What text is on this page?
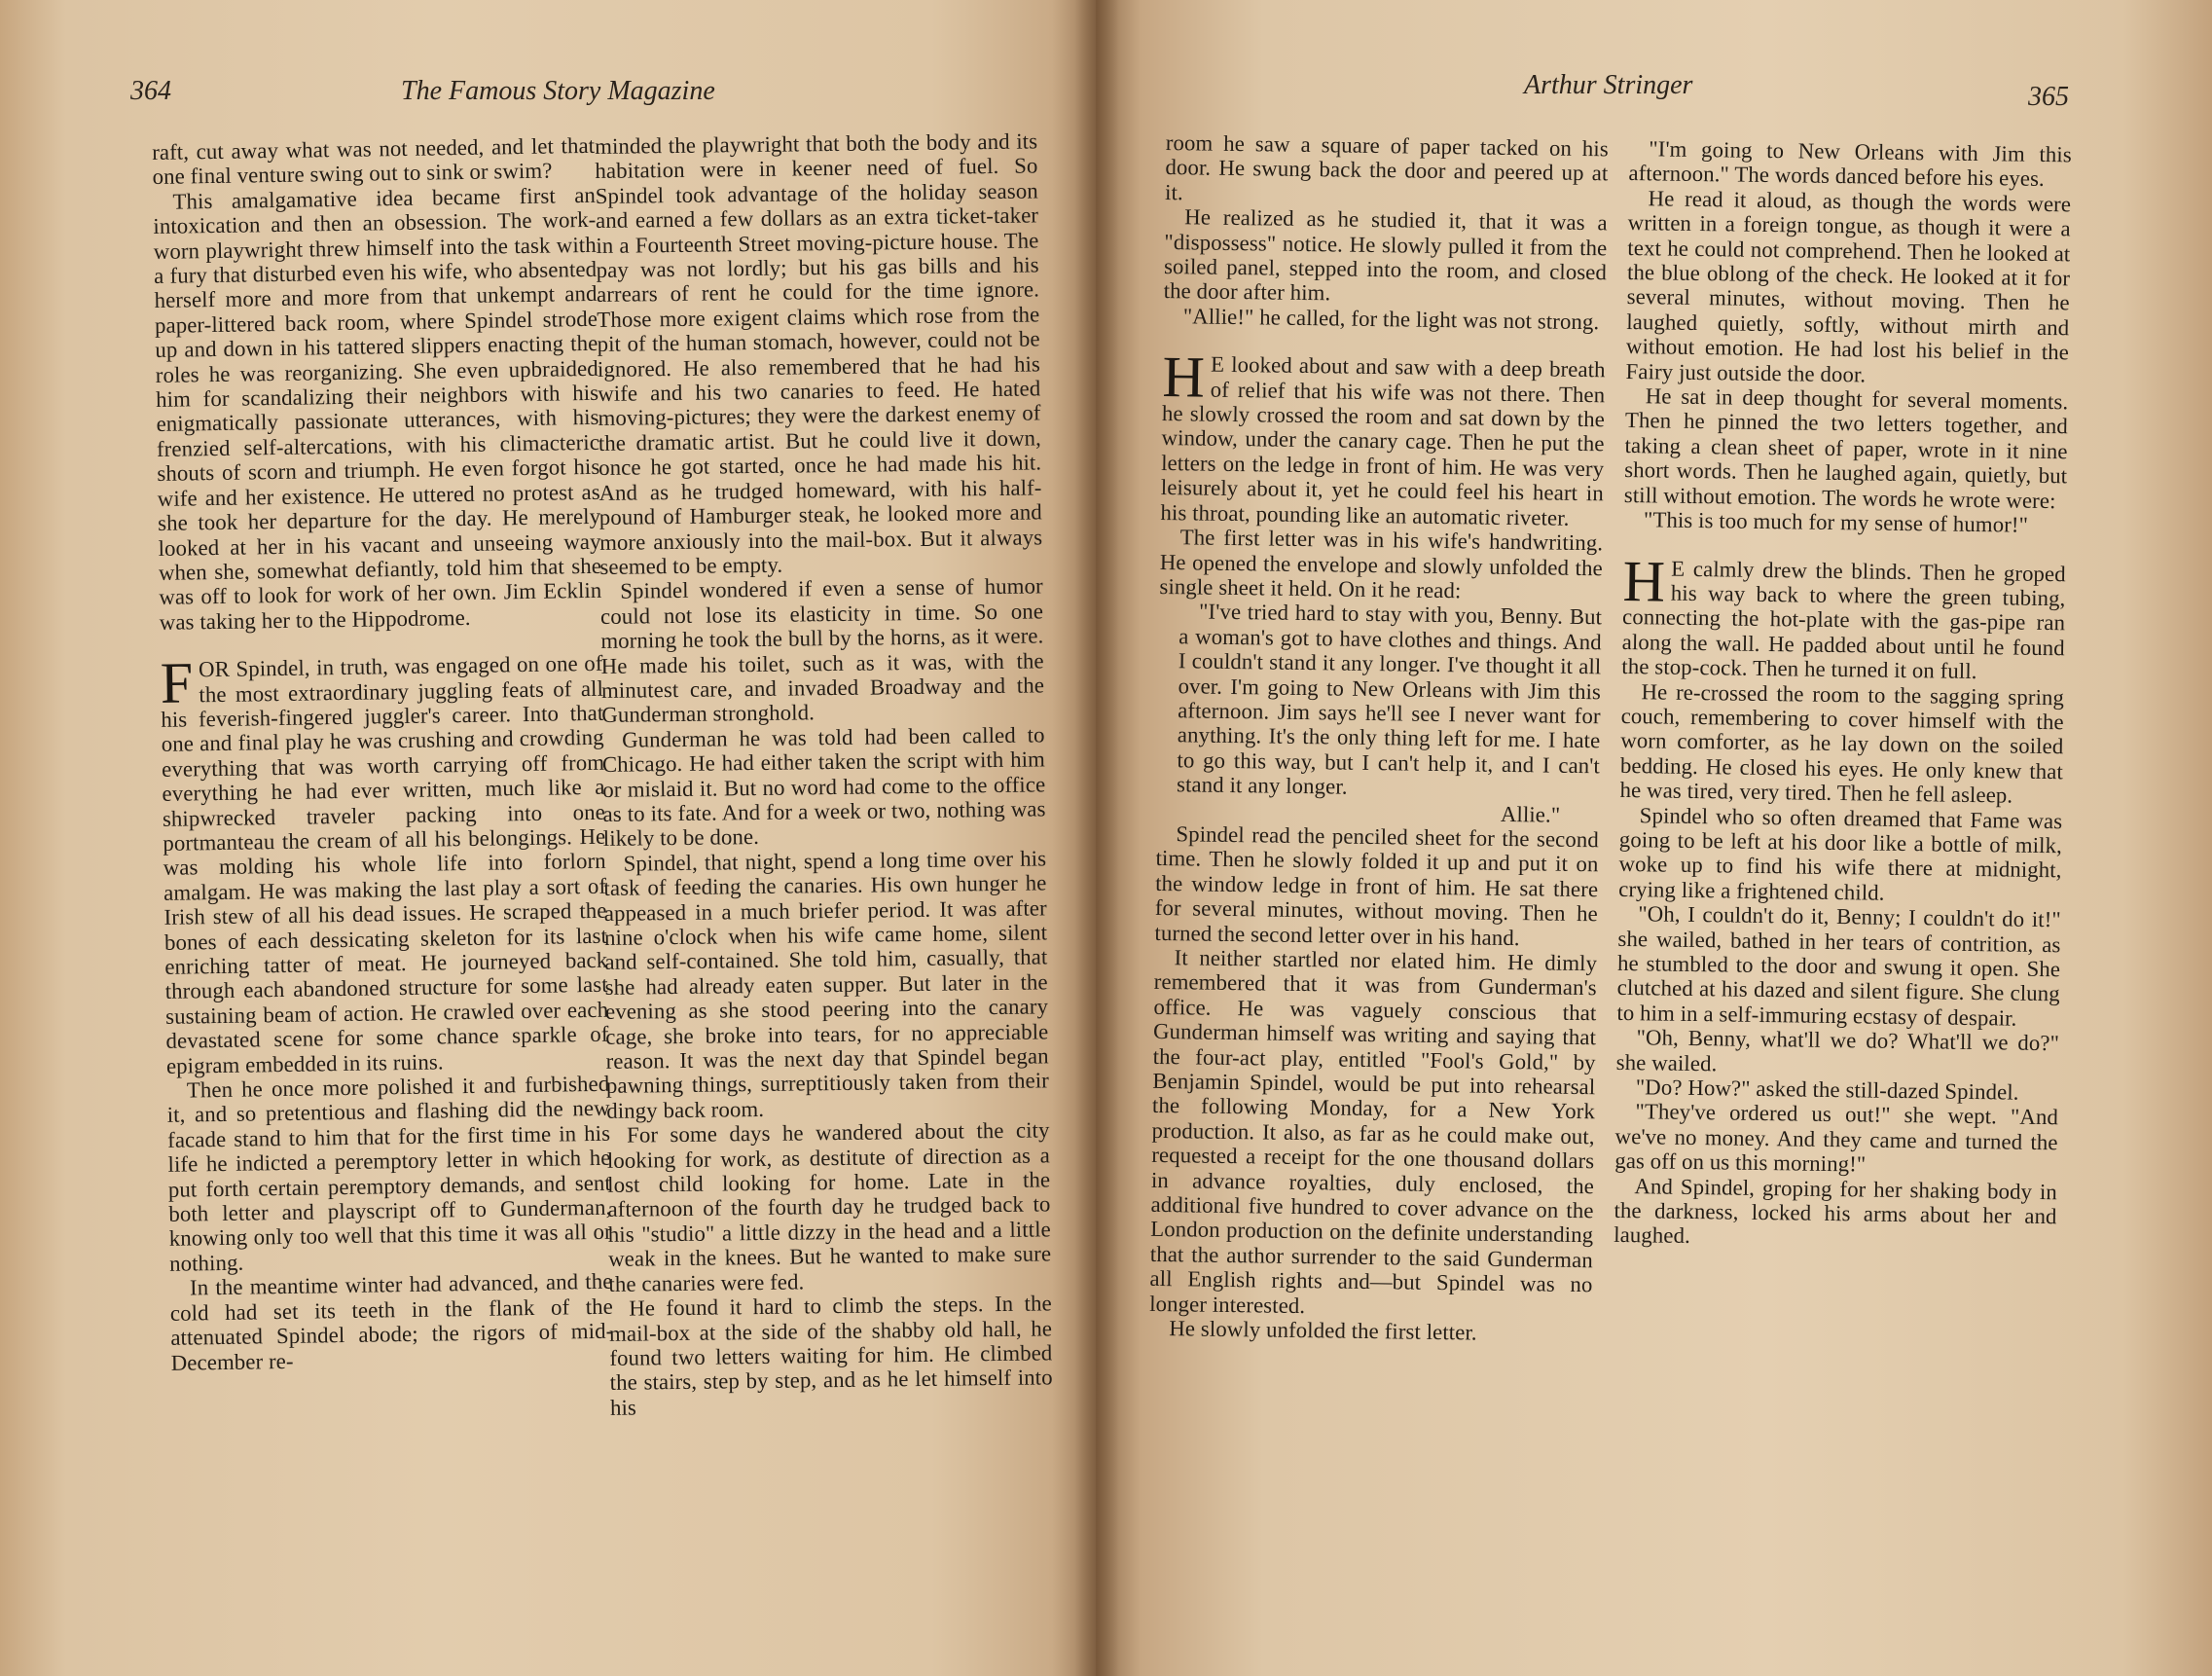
364	The Famous Story Magazine

raft, cut away what was not needed, and let that one final venture swing out to sink or swim?

This amalgamative idea became first an intoxication and then an obsession. The work-worn playwright threw himself into the task with a fury that disturbed even his wife, who absented herself more and more from that unkempt and paper-littered back room, where Spindel strode up and down in his tattered slippers enacting the roles he was reorganizing. She even upbraided him for scandalizing their neighbors with his enigmatically passionate utterances, with his frenzied self-altercations, with his climacteric shouts of scorn and triumph. He even forgot his wife and her existence. He uttered no protest as she took her departure for the day. He merely looked at her in his vacant and unseeing way when she, somewhat defiantly, told him that she was off to look for work of her own. Jim Ecklin was taking her to the Hippodrome.

FOR Spindel, in truth, was engaged on one of the most extraordinary juggling feats of all his feverish-fingered juggler's career. Into that one and final play he was crushing and crowding everything that was worth carrying off from everything he had ever written, much like a shipwrecked traveler packing into one portmanteau the cream of all his belongings. He was molding his whole life into forlorn amalgam. He was making the last play a sort of Irish stew of all his dead issues. He scraped the bones of each dessicating skeleton for its last enriching tatter of meat. He journeyed back through each abandoned structure for some last sustaining beam of action. He crawled over each devastated scene for some chance sparkle of epigram embedded in its ruins.

Then he once more polished it and furbished it, and so pretentious and flashing did the new facade stand to him that for the first time in his life he indicted a peremptory letter in which he put forth certain peremptory demands, and sent both letter and playscript off to Gunderman, knowing only too well that this time it was all or nothing.

In the meantime winter had advanced, and the cold had set its teeth in the flank of the attenuated Spindel abode; the rigors of mid-December re-

minded the playwright that both the body and its habitation were in keener need of fuel. So Spindel took advantage of the holiday season and earned a few dollars as an extra ticket-taker in a Fourteenth Street moving-picture house. The pay was not lordly; but his gas bills and his arrears of rent he could for the time ignore. Those more exigent claims which rose from the pit of the human stomach, however, could not be ignored. He also remembered that he had his wife and his two canaries to feed. He hated moving-pictures; they were the darkest enemy of the dramatic artist. But he could live it down, once he got started, once he had made his hit. And as he trudged homeward, with his half-pound of Hamburger steak, he looked more and more anxiously into the mail-box. But it always seemed to be empty.

Spindel wondered if even a sense of humor could not lose its elasticity in time. So one morning he took the bull by the horns, as it were. He made his toilet, such as it was, with the minutest care, and invaded Broadway and the Gunderman stronghold.

Gunderman he was told had been called to Chicago. He had either taken the script with him or mislaid it. But no word had come to the office as to its fate. And for a week or two, nothing was likely to be done.

Spindel, that night, spend a long time over his task of feeding the canaries. His own hunger he appeased in a much briefer period. It was after nine o'clock when his wife came home, silent and self-contained. She told him, casually, that she had already eaten supper. But later in the evening as she stood peering into the canary cage, she broke into tears, for no appreciable reason. It was the next day that Spindel began pawning things, surreptitiously taken from their dingy back room.

For some days he wandered about the city looking for work, as destitute of direction as a lost child looking for home. Late in the afternoon of the fourth day he trudged back to his "studio" a little dizzy in the head and a little weak in the knees. But he wanted to make sure the canaries were fed.

He found it hard to climb the steps. In the mail-box at the side of the shabby old hall, he found two letters waiting for him. He climbed the stairs, step by step, and as he let himself into his

Arthur Stringer	365

room he saw a square of paper tacked on his door. He swung back the door and peered up at it.

He realized as he studied it, that it was a "dispossess" notice. He slowly pulled it from the soiled panel, stepped into the room, and closed the door after him.

"Allie!" he called, for the light was not strong.

H E looked about and saw with a deep breath of relief that his wife was not there. Then he slowly crossed the room and sat down by the window, under the canary cage. Then he put the letters on the ledge in front of him. He was very leisurely about it, yet he could feel his heart in his throat, pounding like an automatic riveter.

The first letter was in his wife's handwriting. He opened the envelope and slowly unfolded the single sheet it held. On it he read:

"I've tried hard to stay with you, Benny. But a woman's got to have clothes and things. And I couldn't stand it any longer. I've thought it all over. I'm going to New Orleans with Jim this afternoon. Jim says he'll see I never want for anything. It's the only thing left for me. I hate to go this way, but I can't help it, and I can't stand it any longer.

Allie."

Spindel read the penciled sheet for the second time. Then he slowly folded it up and put it on the window ledge in front of him. He sat there for several minutes, without moving. Then he turned the second letter over in his hand.

It neither startled nor elated him. He dimly remembered that it was from Gunderman's office. He was vaguely conscious that Gunderman himself was writing and saying that the four-act play, entitled "Fool's Gold," by Benjamin Spindel, would be put into rehearsal the following Monday, for a New York production. It also, as far as he could make out, requested a receipt for the one thousand dollars in advance royalties, duly enclosed, the additional five hundred to cover advance on the London production on the definite understanding that the author surrender to the said Gunderman all English rights and—but Spindel was no longer interested.

He slowly unfolded the first letter.

"I'm going to New Orleans with Jim this afternoon." The words danced before his eyes.

He read it aloud, as though the words were written in a foreign tongue, as though it were a text he could not comprehend. Then he looked at the blue oblong of the check. He looked at it for several minutes, without moving. Then he laughed quietly, softly, without mirth and without emotion. He had lost his belief in the Fairy just outside the door.

He sat in deep thought for several moments. Then he pinned the two letters together, and taking a clean sheet of paper, wrote in it nine short words. Then he laughed again, quietly, but still without emotion. The words he wrote were:

"This is too much for my sense of humor!"

H E calmly drew the blinds. Then he groped his way back to where the green tubing, connecting the hot-plate with the gas-pipe ran along the wall. He padded about until he found the stop-cock. Then he turned it on full.

He re-crossed the room to the sagging spring couch, remembering to cover himself with the worn comforter, as he lay down on the soiled bedding. He closed his eyes. He only knew that he was tired, very tired. Then he fell asleep.

Spindel who so often dreamed that Fame was going to be left at his door like a bottle of milk, woke up to find his wife there at midnight, crying like a frightened child.

"Oh, I couldn't do it, Benny; I couldn't do it!" she wailed, bathed in her tears of contrition, as he stumbled to the door and swung it open. She clutched at his dazed and silent figure. She clung to him in a self-immuring ecstasy of despair.

"Oh, Benny, what'll we do? What'll we do?" she wailed.

"Do? How?" asked the still-dazed Spindel.

"They've ordered us out!" she wept. "And we've no money. And they came and turned the gas off on us this morning!"

And Spindel, groping for her shaking body in the darkness, locked his arms about her and laughed.
